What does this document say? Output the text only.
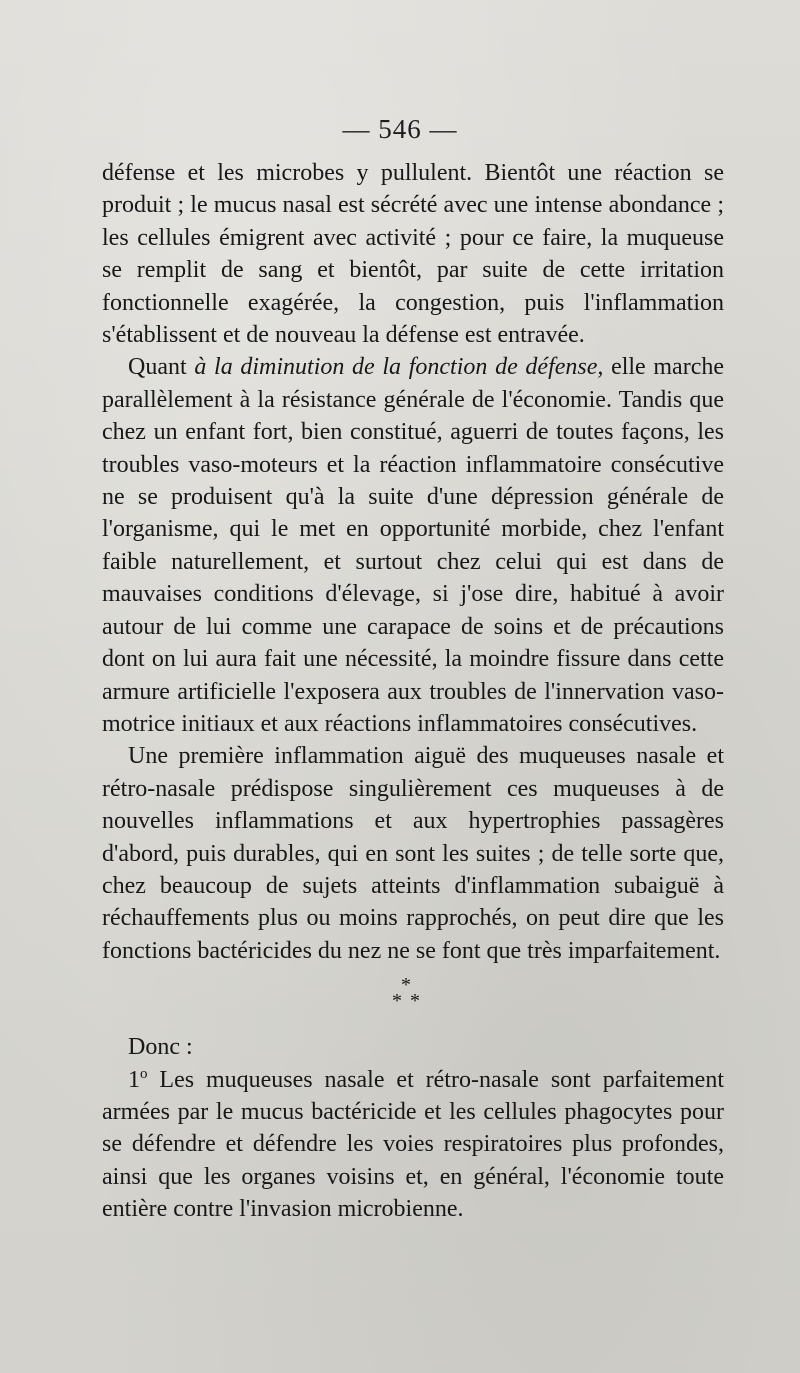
— 546 —

défense et les microbes y pullulent. Bientôt une réaction se produit ; le mucus nasal est sécrété avec une intense abondance ; les cellules émigrent avec activité ; pour ce faire, la muqueuse se remplit de sang et bientôt, par suite de cette irritation fonctionnelle exagérée, la congestion, puis l'inflammation s'établissent et de nouveau la défense est entravée.

Quant à la diminution de la fonction de défense, elle marche parallèlement à la résistance générale de l'économie. Tandis que chez un enfant fort, bien constitué, aguerri de toutes façons, les troubles vaso-moteurs et la réaction inflammatoire consécutive ne se produisent qu'à la suite d'une dépression générale de l'organisme, qui le met en opportunité morbide, chez l'enfant faible naturellement, et surtout chez celui qui est dans de mauvaises conditions d'élevage, si j'ose dire, habitué à avoir autour de lui comme une carapace de soins et de précautions dont on lui aura fait une nécessité, la moindre fissure dans cette armure artificielle l'exposera aux troubles de l'innervation vaso-motrice initiaux et aux réactions inflammatoires consécutives.

Une première inflammation aiguë des muqueuses nasale et rétro-nasale prédispose singulièrement ces muqueuses à de nouvelles inflammations et aux hypertrophies passagères d'abord, puis durables, qui en sont les suites ; de telle sorte que, chez beaucoup de sujets atteints d'inflammation subaiguë à réchauffements plus ou moins rapprochés, on peut dire que les fonctions bactéricides du nez ne se font que très imparfaitement.

*
* *

Donc :

1$^o$ Les muqueuses nasale et rétro-nasale sont parfaitement armées par le mucus bactéricide et les cellules phagocytes pour se défendre et défendre les voies respiratoires plus profondes, ainsi que les organes voisins et, en général, l'économie toute entière contre l'invasion microbienne.
